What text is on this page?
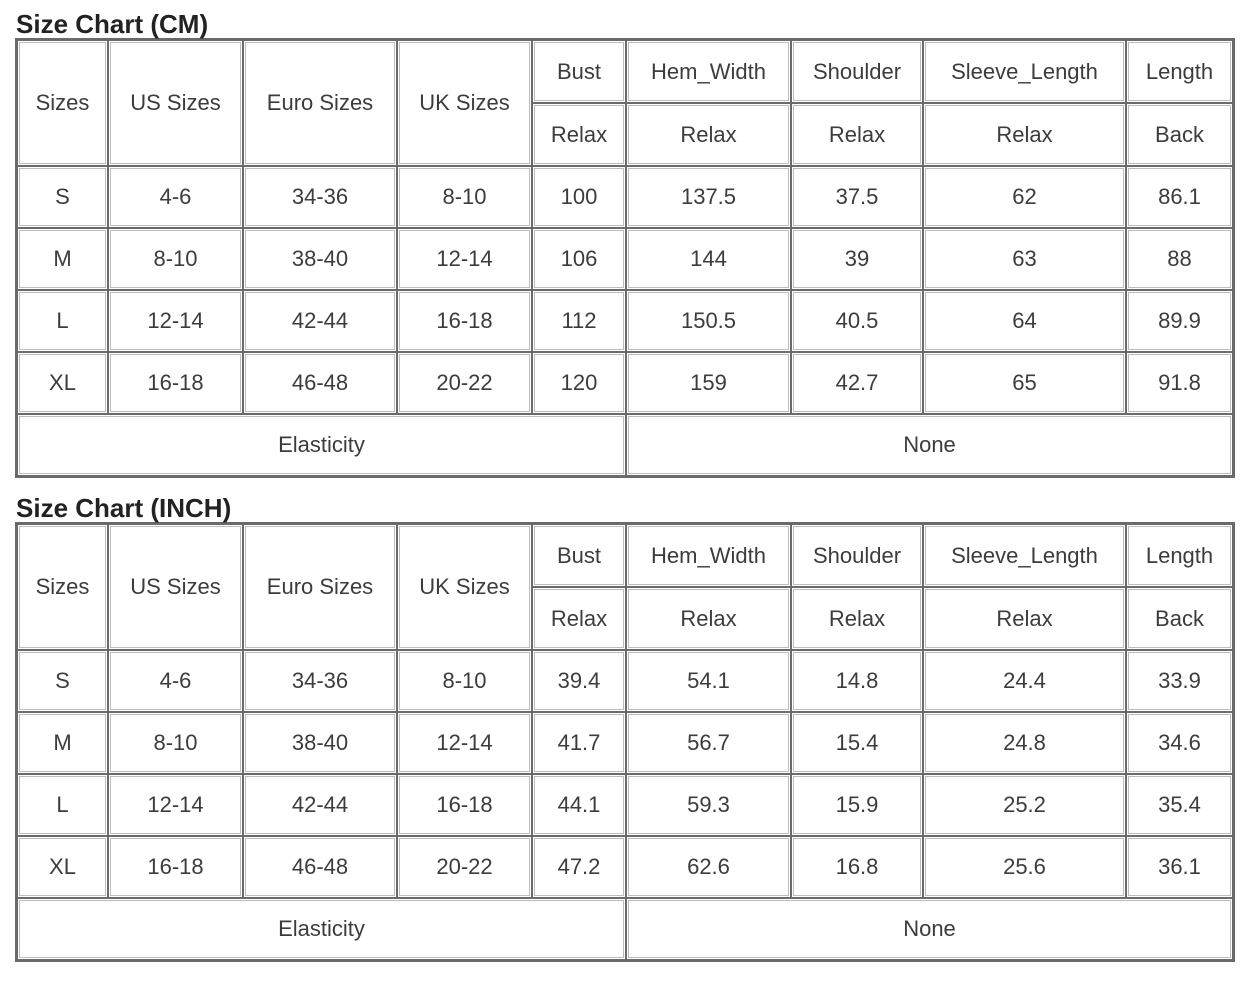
Size Chart (CM)
Sizes	US Sizes	Euro Sizes	UK Sizes	Bust	Hem_Width	Shoulder	Sleeve_Length	Length
				Relax	Relax	Relax	Relax	Back
S	4-6	34-36	8-10	100	137.5	37.5	62	86.1
M	8-10	38-40	12-14	106	144	39	63	88
L	12-14	42-44	16-18	112	150.5	40.5	64	89.9
XL	16-18	46-48	20-22	120	159	42.7	65	91.8
Elasticity					None			
Size Chart (INCH)
Sizes	US Sizes	Euro Sizes	UK Sizes	Bust	Hem_Width	Shoulder	Sleeve_Length	Length
				Relax	Relax	Relax	Relax	Back
S	4-6	34-36	8-10	39.4	54.1	14.8	24.4	33.9
M	8-10	38-40	12-14	41.7	56.7	15.4	24.8	34.6
L	12-14	42-44	16-18	44.1	59.3	15.9	25.2	35.4
XL	16-18	46-48	20-22	47.2	62.6	16.8	25.6	36.1
Elasticity					None			
